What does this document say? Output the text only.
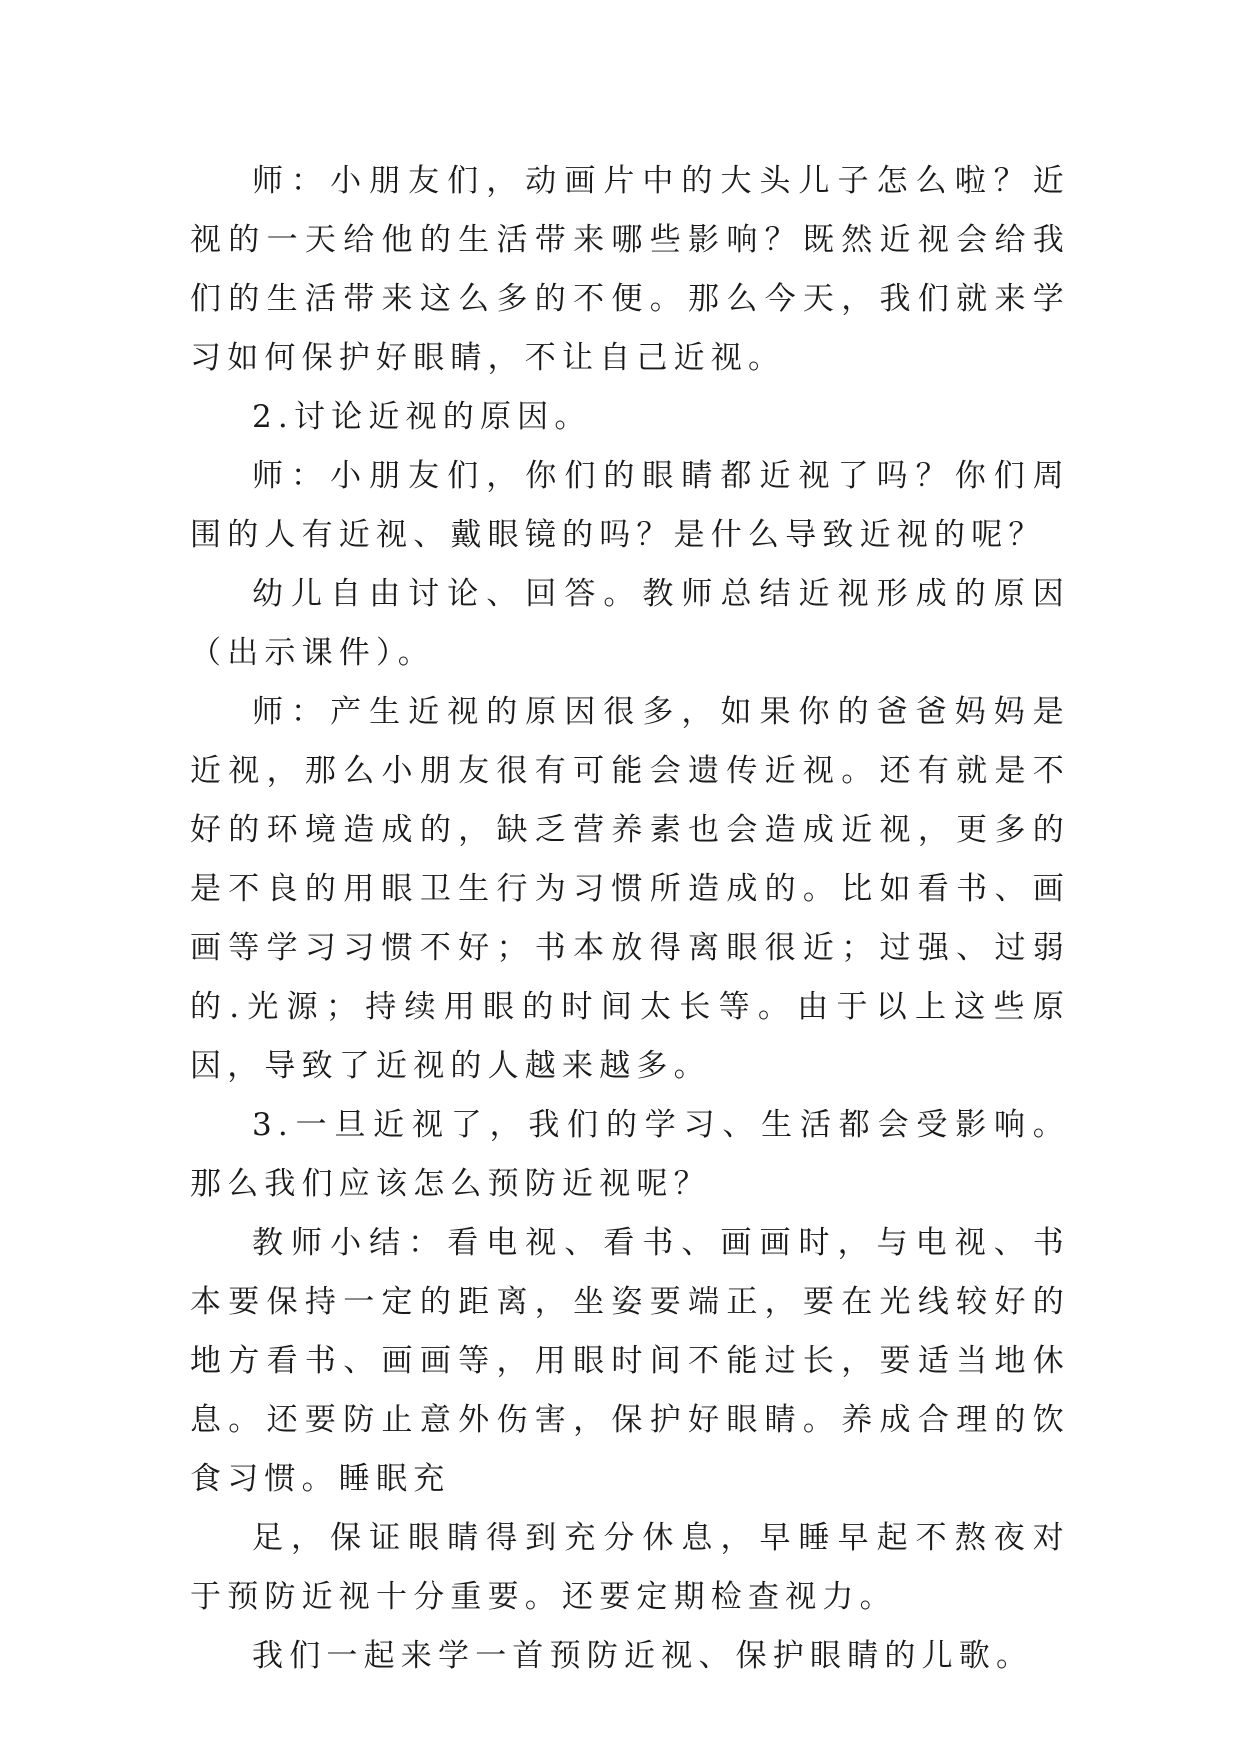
师：小朋友们，动画片中的大头儿子怎么啦？近视的一天给他的生活带来哪些影响？既然近视会给我们的生活带来这么多的不便。那么今天，我们就来学习如何保护好眼睛，不让自己近视。

2.讨论近视的原因。

师：小朋友们，你们的眼睛都近视了吗？你们周围的人有近视、戴眼镜的吗？是什么导致近视的呢？

幼儿自由讨论、回答。教师总结近视形成的原因（出示课件）。

师：产生近视的原因很多，如果你的爸爸妈妈是近视，那么小朋友很有可能会遗传近视。还有就是不好的环境造成的，缺乏营养素也会造成近视，更多的是不良的用眼卫生行为习惯所造成的。比如看书、画画等学习习惯不好；书本放得离眼很近；过强、过弱的.光源；持续用眼的时间太长等。由于以上这些原因，导致了近视的人越来越多。

3.一旦近视了，我们的学习、生活都会受影响。那么我们应该怎么预防近视呢？

教师小结：看电视、看书、画画时，与电视、书本要保持一定的距离，坐姿要端正，要在光线较好的地方看书、画画等，用眼时间不能过长，要适当地休息。还要防止意外伤害，保护好眼睛。养成合理的饮食习惯。睡眠充

足，保证眼睛得到充分休息，早睡早起不熬夜对于预防近视十分重要。还要定期检查视力。

我们一起来学一首预防近视、保护眼睛的儿歌。
